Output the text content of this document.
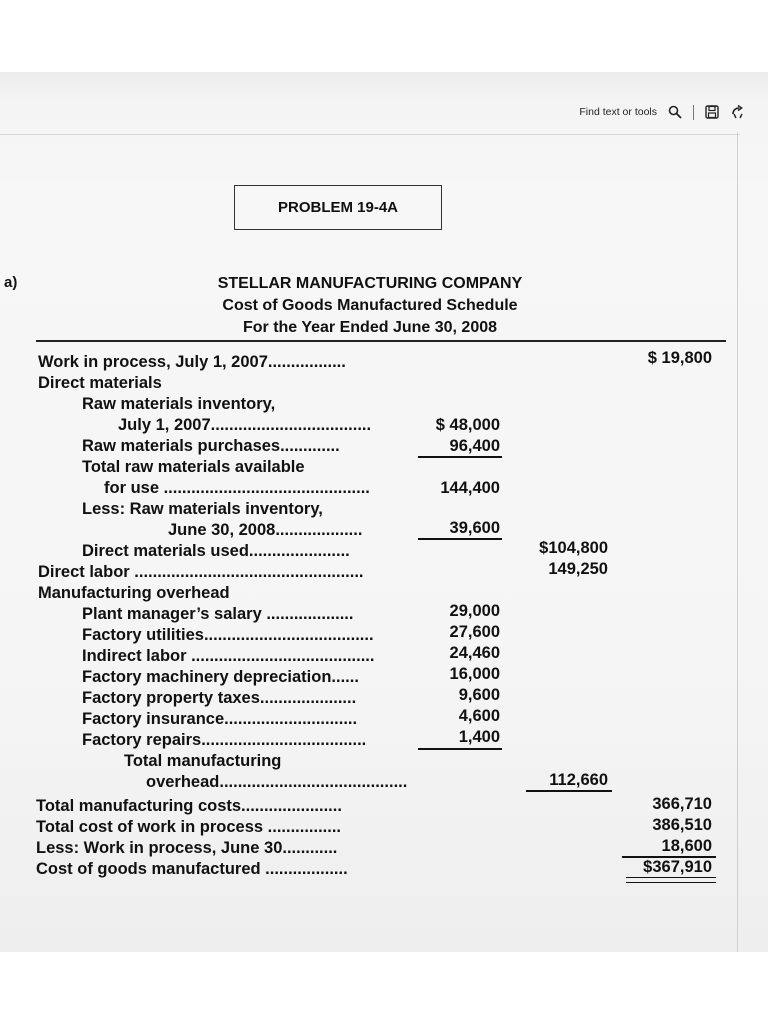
Find text or tools
PROBLEM 19-4A
a)	STELLAR MANUFACTURING COMPANY
Cost of Goods Manufactured Schedule
For the Year Ended June 30, 2008
Work in process, July 1, 2007.................	$ 19,800
Direct materials
Raw materials inventory,
July 1, 2007...................................	$ 48,000
Raw materials purchases.............	96,400
Total raw materials available
for use .............................................	144,400
Less: Raw materials inventory,
June 30, 2008...................	39,600
Direct materials used......................	$104,800
Direct labor ..................................................	149,250
Manufacturing overhead
Plant manager’s salary ...................	29,000
Factory utilities.....................................	27,600
Indirect labor ........................................	24,460
Factory machinery depreciation......	16,000
Factory property taxes.....................	9,600
Factory insurance.............................	4,600
Factory repairs....................................	1,400
Total manufacturing
overhead.........................................	112,660
Total manufacturing costs......................	366,710
Total cost of work in process ................	386,510
Less: Work in process, June 30............	18,600
Cost of goods manufactured ..................	$367,910
